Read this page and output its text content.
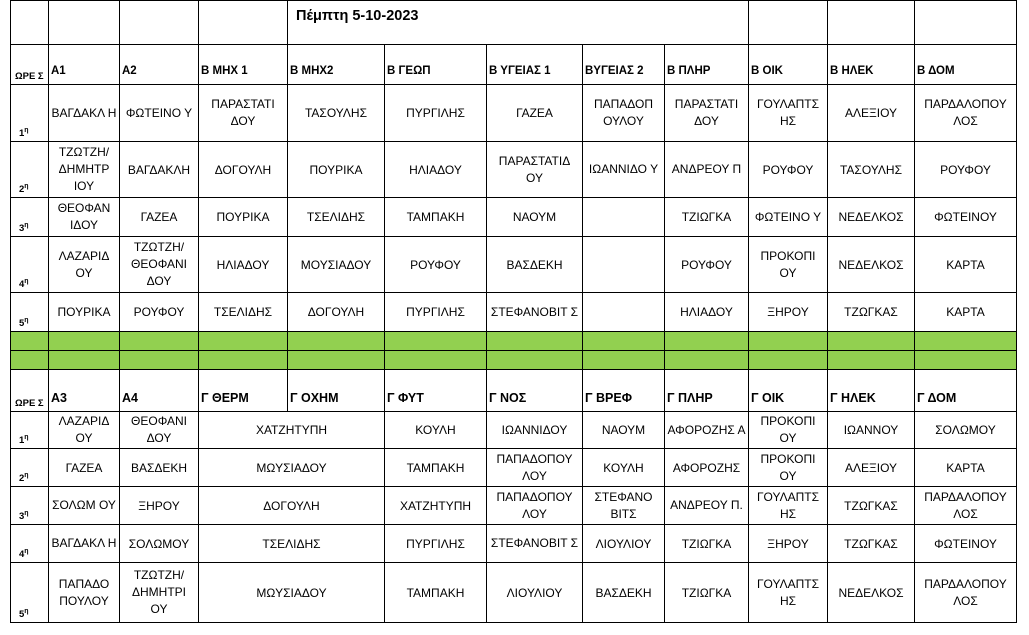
				Πέμπτη 5-10-2023							
ΩΡΕ Σ	Α1	Α2	Β ΜΗΧ 1	Β ΜΗΧ2	Β ΓΕΩΠ	Β ΥΓΕΙΑΣ 1	ΒΥΓΕΙΑΣ 2	Β ΠΛΗΡ	Β ΟΙΚ	Β ΗΛΕΚ	Β ΔΟΜ
$1^\eta$	ΒΑΓΔΑΚΛ Η	ΦΩΤΕΙΝΟ Υ	ΠΑΡΑΣΤΑΤΙ ΔΟΥ	ΤΑΣΟΥΛΗΣ	ΠΥΡΓΙΛΗΣ	ΓΑΖΕΑ	ΠΑΠΑΔΟΠ ΟΥΛΟΥ	ΠΑΡΑΣΤΑΤΙ ΔΟΥ	ΓΟΥΛΑΠΤΣ ΗΣ	ΑΛΕΞΙΟΥ	ΠΑΡΔΑΛΟΠΟΥ ΛΟΣ
$2^\eta$	ΤΖΩΤΖΗ/ ΔΗΜΗΤΡ ΙΟΥ	ΒΑΓΔΑΚΛΗ	ΔΟΓΟΥΛΗ	ΠΟΥΡΙΚΑ	ΗΛΙΑΔΟΥ	ΠΑΡΑΣΤΑΤΙΔ ΟΥ	ΙΩΑΝΝΙΔΟ Υ	ΑΝΔΡΕΟΥ Π	ΡΟΥΦΟΥ	ΤΑΣΟΥΛΗΣ	ΡΟΥΦΟΥ
$3^\eta$	ΘΕΟΦΑΝ ΙΔΟΥ	ΓΑΖΕΑ	ΠΟΥΡΙΚΑ	ΤΣΕΛΙΔΗΣ	ΤΑΜΠΑΚΗ	ΝΑΟΥΜ		ΤΖΙΩΓΚΑ	ΦΩΤΕΙΝΟ Υ	ΝΕΔΕΛΚΟΣ	ΦΩΤΕΙΝΟΥ
$4^\eta$	ΛΑΖΑΡΙΔ ΟΥ	ΤΖΩΤΖΗ/ ΘΕΟΦΑΝΙ ΔΟΥ	ΗΛΙΑΔΟΥ	ΜΟΥΣΙΑΔΟΥ	ΡΟΥΦΟΥ	ΒΑΣΔΕΚΗ		ΡΟΥΦΟΥ	ΠΡΟΚΟΠΙ ΟΥ	ΝΕΔΕΛΚΟΣ	ΚΑΡΤΑ
$5^\eta$	ΠΟΥΡΙΚΑ	ΡΟΥΦΟΥ	ΤΣΕΛΙΔΗΣ	ΔΟΓΟΥΛΗ	ΠΥΡΓΙΛΗΣ	ΣΤΕΦΑΝΟΒΙΤ Σ		ΗΛΙΑΔΟΥ	ΞΗΡΟΥ	ΤΖΩΓΚΑΣ	ΚΑΡΤΑ

ΩΡΕ Σ	Α3	Α4	Γ ΘΕΡΜ	Γ ΟΧΗΜ	Γ ΦΥΤ	Γ ΝΟΣ	Γ ΒΡΕΦ	Γ ΠΛΗΡ	Γ ΟΙΚ	Γ ΗΛΕΚ	Γ ΔΟΜ
$1^\eta$	ΛΑΖΑΡΙΔ ΟΥ	ΘΕΟΦΑΝΙ ΔΟΥ	ΧΑΤΖΗΤΥΠΗ		ΚΟΥΛΗ	ΙΩΑΝΝΙΔΟΥ	ΝΑΟΥΜ	ΑΦΟΡΟΖΗΣ Α	ΠΡΟΚΟΠΙ ΟΥ	ΙΩΑΝΝΟΥ	ΣΟΛΩΜΟΥ
$2^\eta$	ΓΑΖΕΑ	ΒΑΣΔΕΚΗ	ΜΩΥΣΙΑΔΟΥ		ΤΑΜΠΑΚΗ	ΠΑΠΑΔΟΠΟΥ ΛΟΥ	ΚΟΥΛΗ	ΑΦΟΡΟΖΗΣ	ΠΡΟΚΟΠΙ ΟΥ	ΑΛΕΞΙΟΥ	ΚΑΡΤΑ
$3^\eta$	ΣΟΛΩΜ ΟΥ	ΞΗΡΟΥ	ΔΟΓΟΥΛΗ		ΧΑΤΖΗΤΥΠΗ	ΠΑΠΑΔΟΠΟΥ ΛΟΥ	ΣΤΕΦΑΝΟ ΒΙΤΣ	ΑΝΔΡΕΟΥ Π.	ΓΟΥΛΑΠΤΣ ΗΣ	ΤΖΩΓΚΑΣ	ΠΑΡΔΑΛΟΠΟΥ ΛΟΣ
$4^\eta$	ΒΑΓΔΑΚΛ Η	ΣΟΛΩΜΟΥ	ΤΣΕΛΙΔΗΣ		ΠΥΡΓΙΛΗΣ	ΣΤΕΦΑΝΟΒΙΤ Σ	ΛΙΟΥΛΙΟΥ	ΤΖΙΩΓΚΑ	ΞΗΡΟΥ	ΤΖΩΓΚΑΣ	ΦΩΤΕΙΝΟΥ
$5^\eta$	ΠΑΠΑΔΟ ΠΟΥΛΟΥ	ΤΖΩΤΖΗ/ ΔΗΜΗΤΡΙ ΟΥ	ΜΩΥΣΙΑΔΟΥ		ΤΑΜΠΑΚΗ	ΛΙΟΥΛΙΟΥ	ΒΑΣΔΕΚΗ	ΤΖΙΩΓΚΑ	ΓΟΥΛΑΠΤΣ ΗΣ	ΝΕΔΕΛΚΟΣ	ΠΑΡΔΑΛΟΠΟΥ ΛΟΣ
